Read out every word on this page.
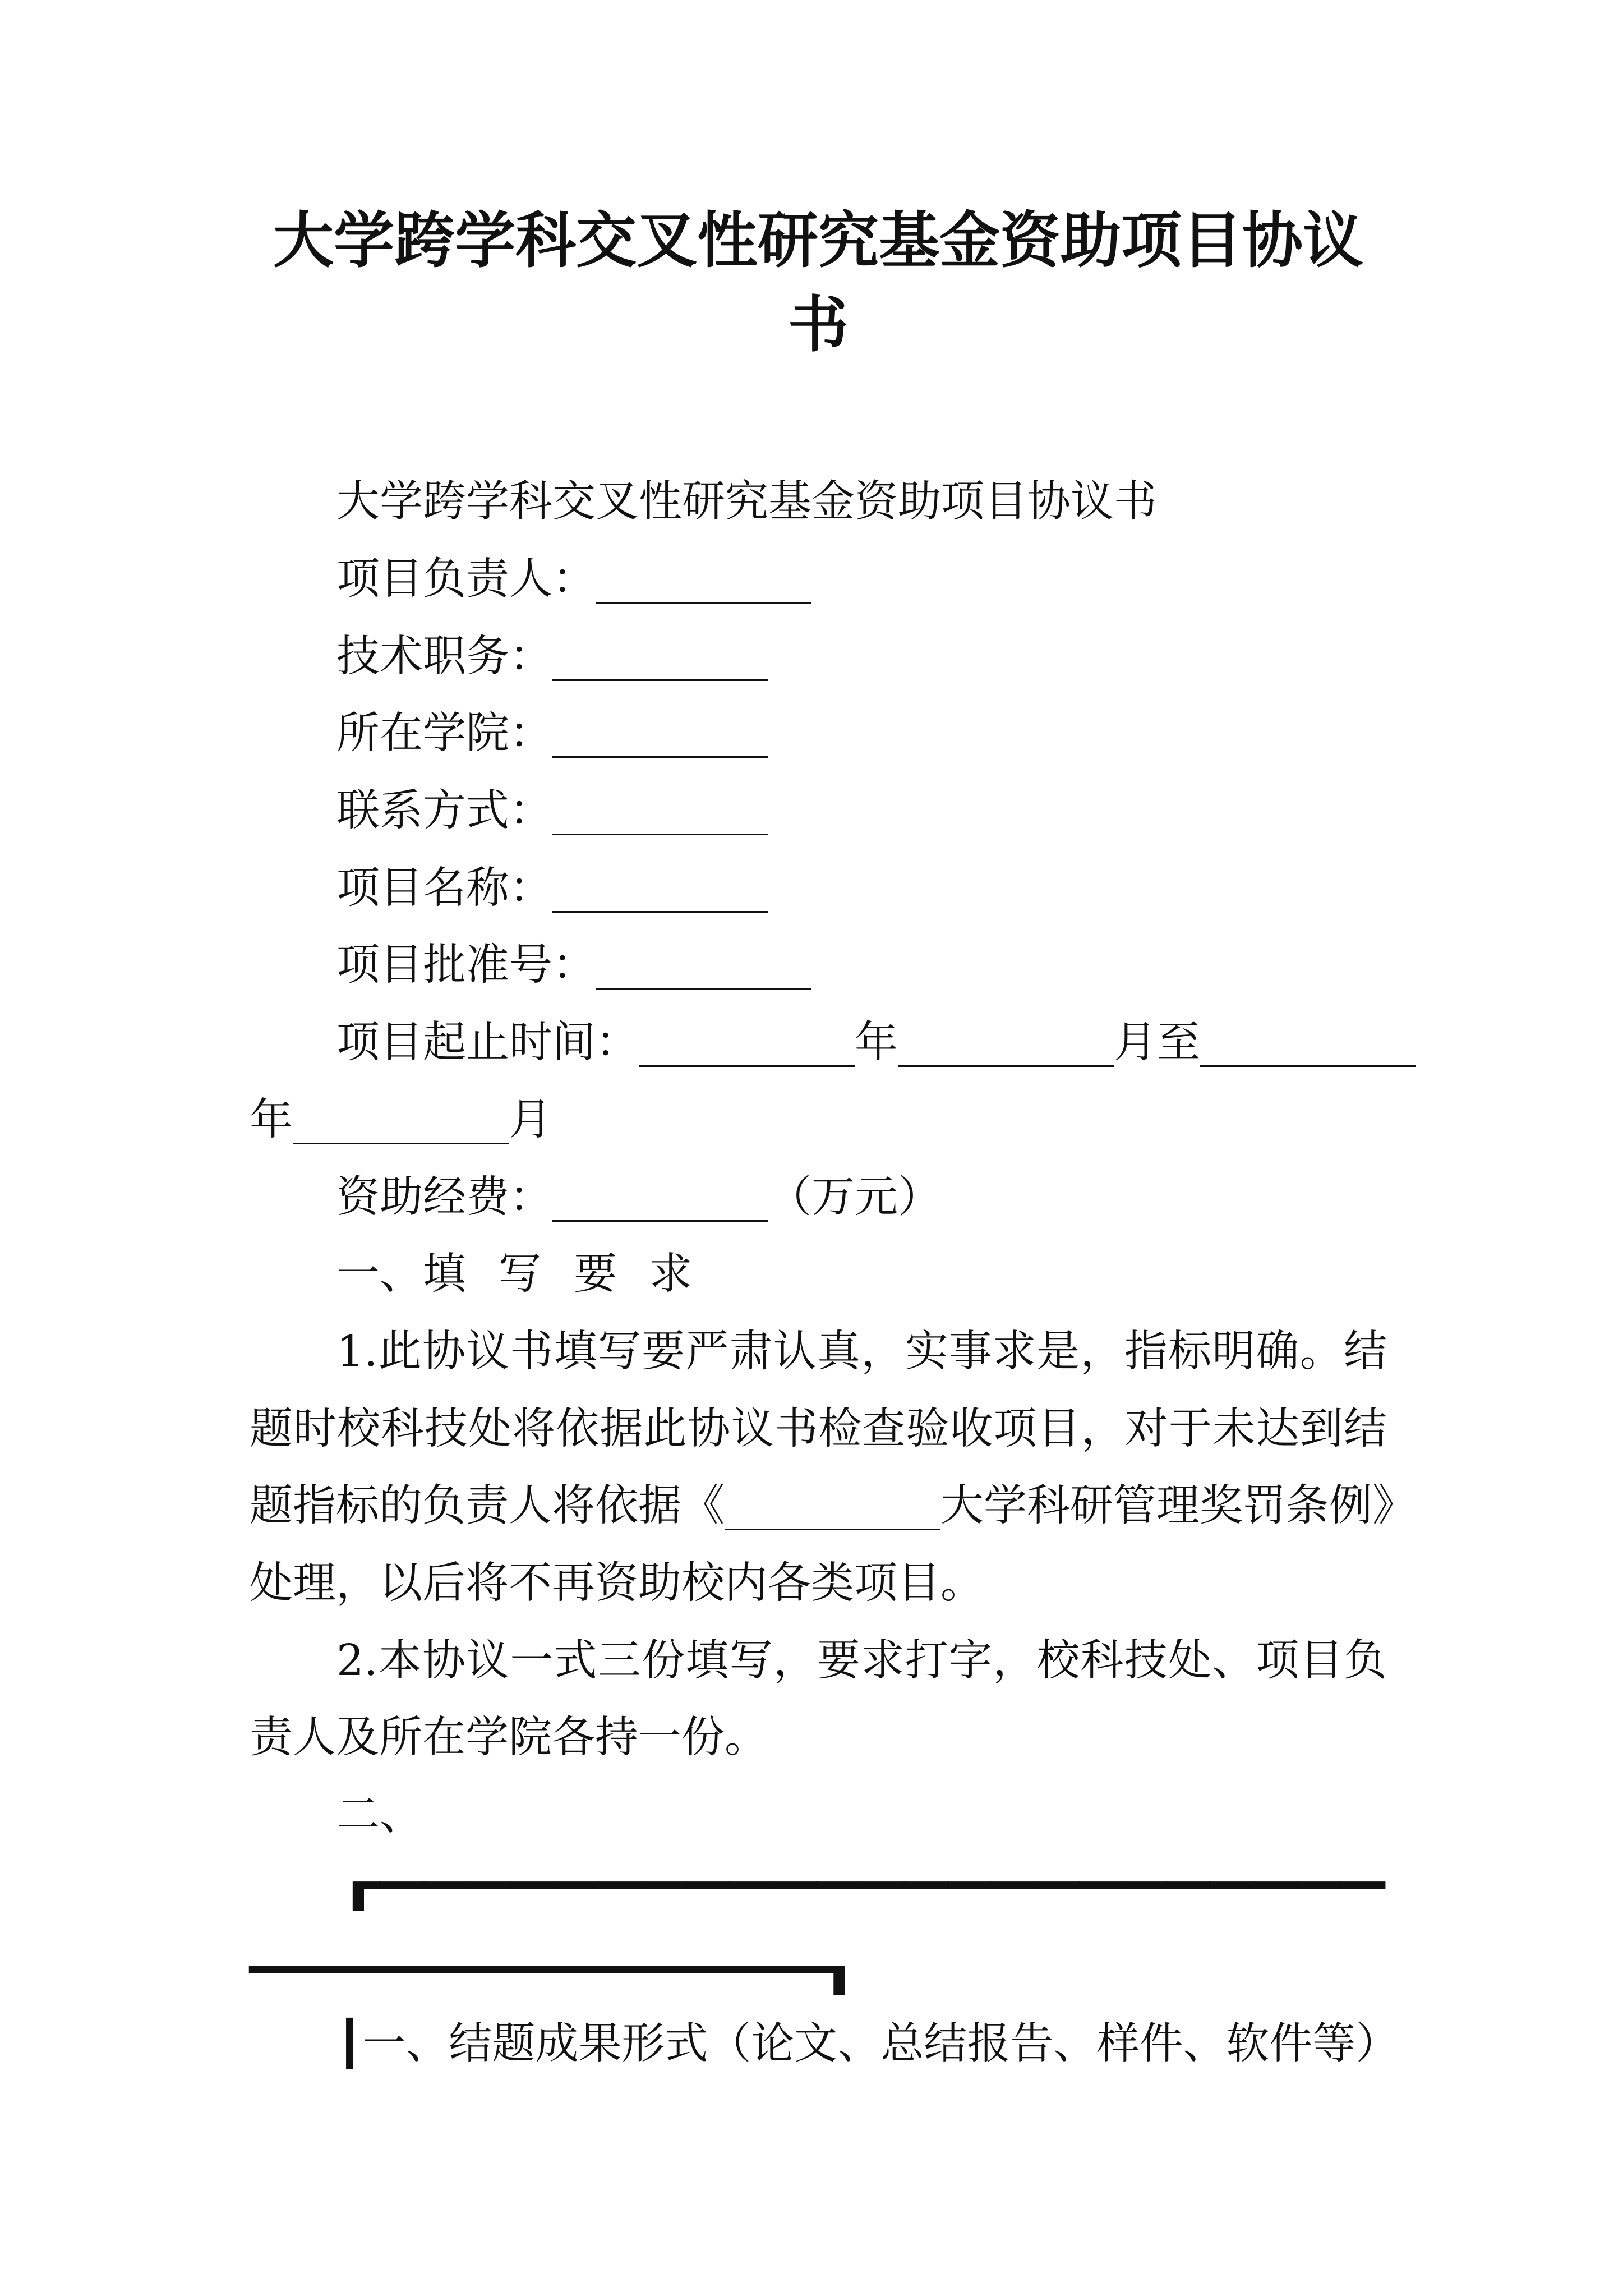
大学跨学科交叉性研究基金资助项目协议书
大学跨学科交叉性研究基金资助项目协议书
项目负责人：__________
技术职务：__________
所在学院：__________
联系方式：__________
项目名称：__________
项目批准号：__________
项目起止时间：__________年__________月至__________
年__________月
资助经费：__________（万元）
一、填 写 要 求
1.此协议书填写要严肃认真，实事求是，指标明确。结
题时校科技处将依据此协议书检查验收项目，对于未达到结
题指标的负责人将依据《__________大学科研管理奖罚条例》
处理，以后将不再资助校内各类项目。
2.本协议一式三份填写，要求打字，校科技处、项目负
责人及所在学院各持一份。
二、
┏━━━━━━━━━━━━━━━━━━━━━━━
━━━━━━━━━━━━━┓
┃一、结题成果形式（论文、总结报告、样件、软件等）
